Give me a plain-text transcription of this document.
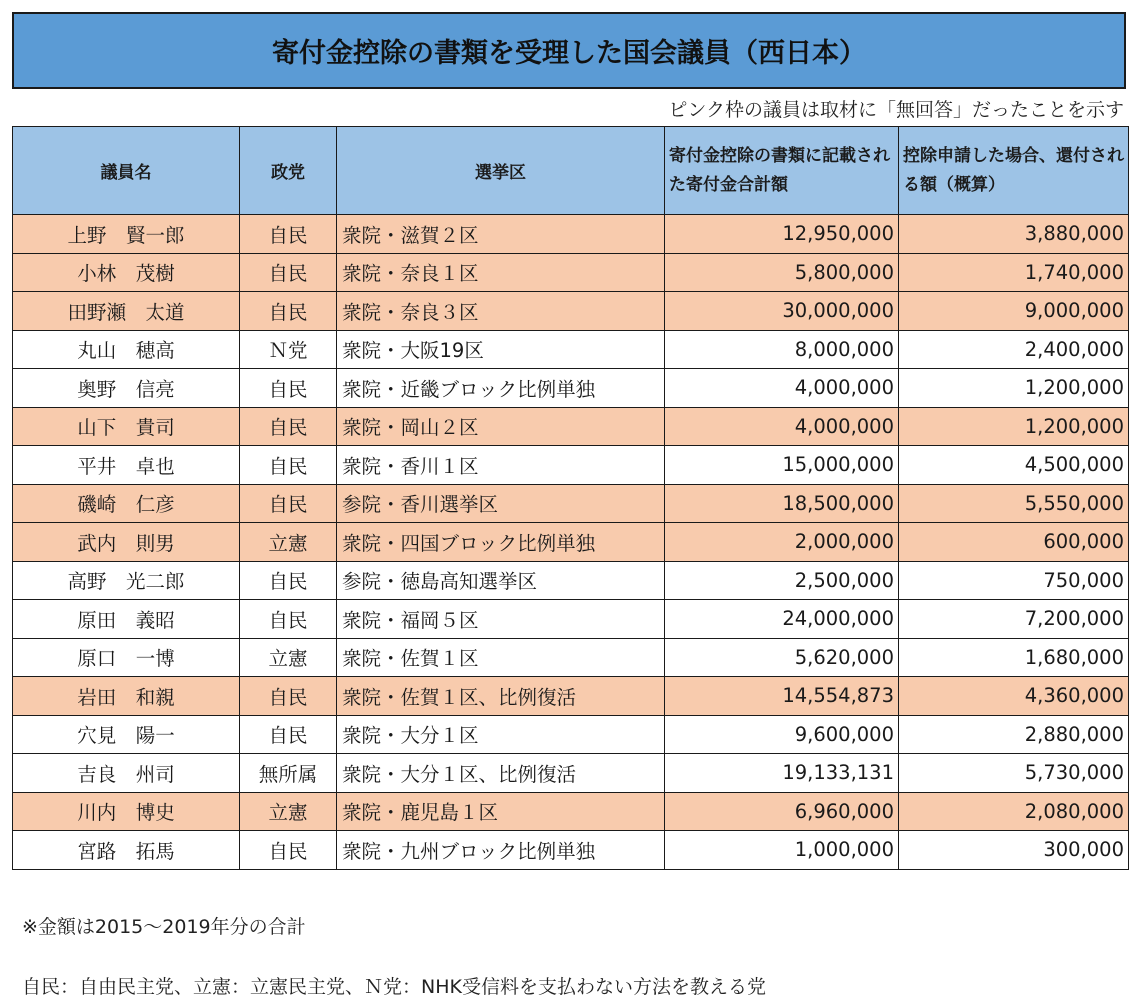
寄付金控除の書類を受理した国会議員（西日本）
ピンク枠の議員は取材に「無回答」だったことを示す
議員名	政党	選挙区	寄付金控除の書類に記載された寄付金合計額	控除申請した場合、還付される額（概算）
上野　賢一郎	自民	衆院・滋賀２区	12,950,000	3,880,000
小林　茂樹	自民	衆院・奈良１区	5,800,000	1,740,000
田野瀬　太道	自民	衆院・奈良３区	30,000,000	9,000,000
丸山　穂高	Ｎ党	衆院・大阪19区	8,000,000	2,400,000
奥野　信亮	自民	衆院・近畿ブロック比例単独	4,000,000	1,200,000
山下　貴司	自民	衆院・岡山２区	4,000,000	1,200,000
平井　卓也	自民	衆院・香川１区	15,000,000	4,500,000
磯崎　仁彦	自民	参院・香川選挙区	18,500,000	5,550,000
武内　則男	立憲	衆院・四国ブロック比例単独	2,000,000	600,000
高野　光二郎	自民	参院・徳島高知選挙区	2,500,000	750,000
原田　義昭	自民	衆院・福岡５区	24,000,000	7,200,000
原口　一博	立憲	衆院・佐賀１区	5,620,000	1,680,000
岩田　和親	自民	衆院・佐賀１区、比例復活	14,554,873	4,360,000
穴見　陽一	自民	衆院・大分１区	9,600,000	2,880,000
吉良　州司	無所属	衆院・大分１区、比例復活	19,133,131	5,730,000
川内　博史	立憲	衆院・鹿児島１区	6,960,000	2,080,000
宮路　拓馬	自民	衆院・九州ブロック比例単独	1,000,000	300,000
※金額は2015〜2019年分の合計
自民：自由民主党、立憲：立憲民主党、Ｎ党：NHK受信料を支払わない方法を教える党
